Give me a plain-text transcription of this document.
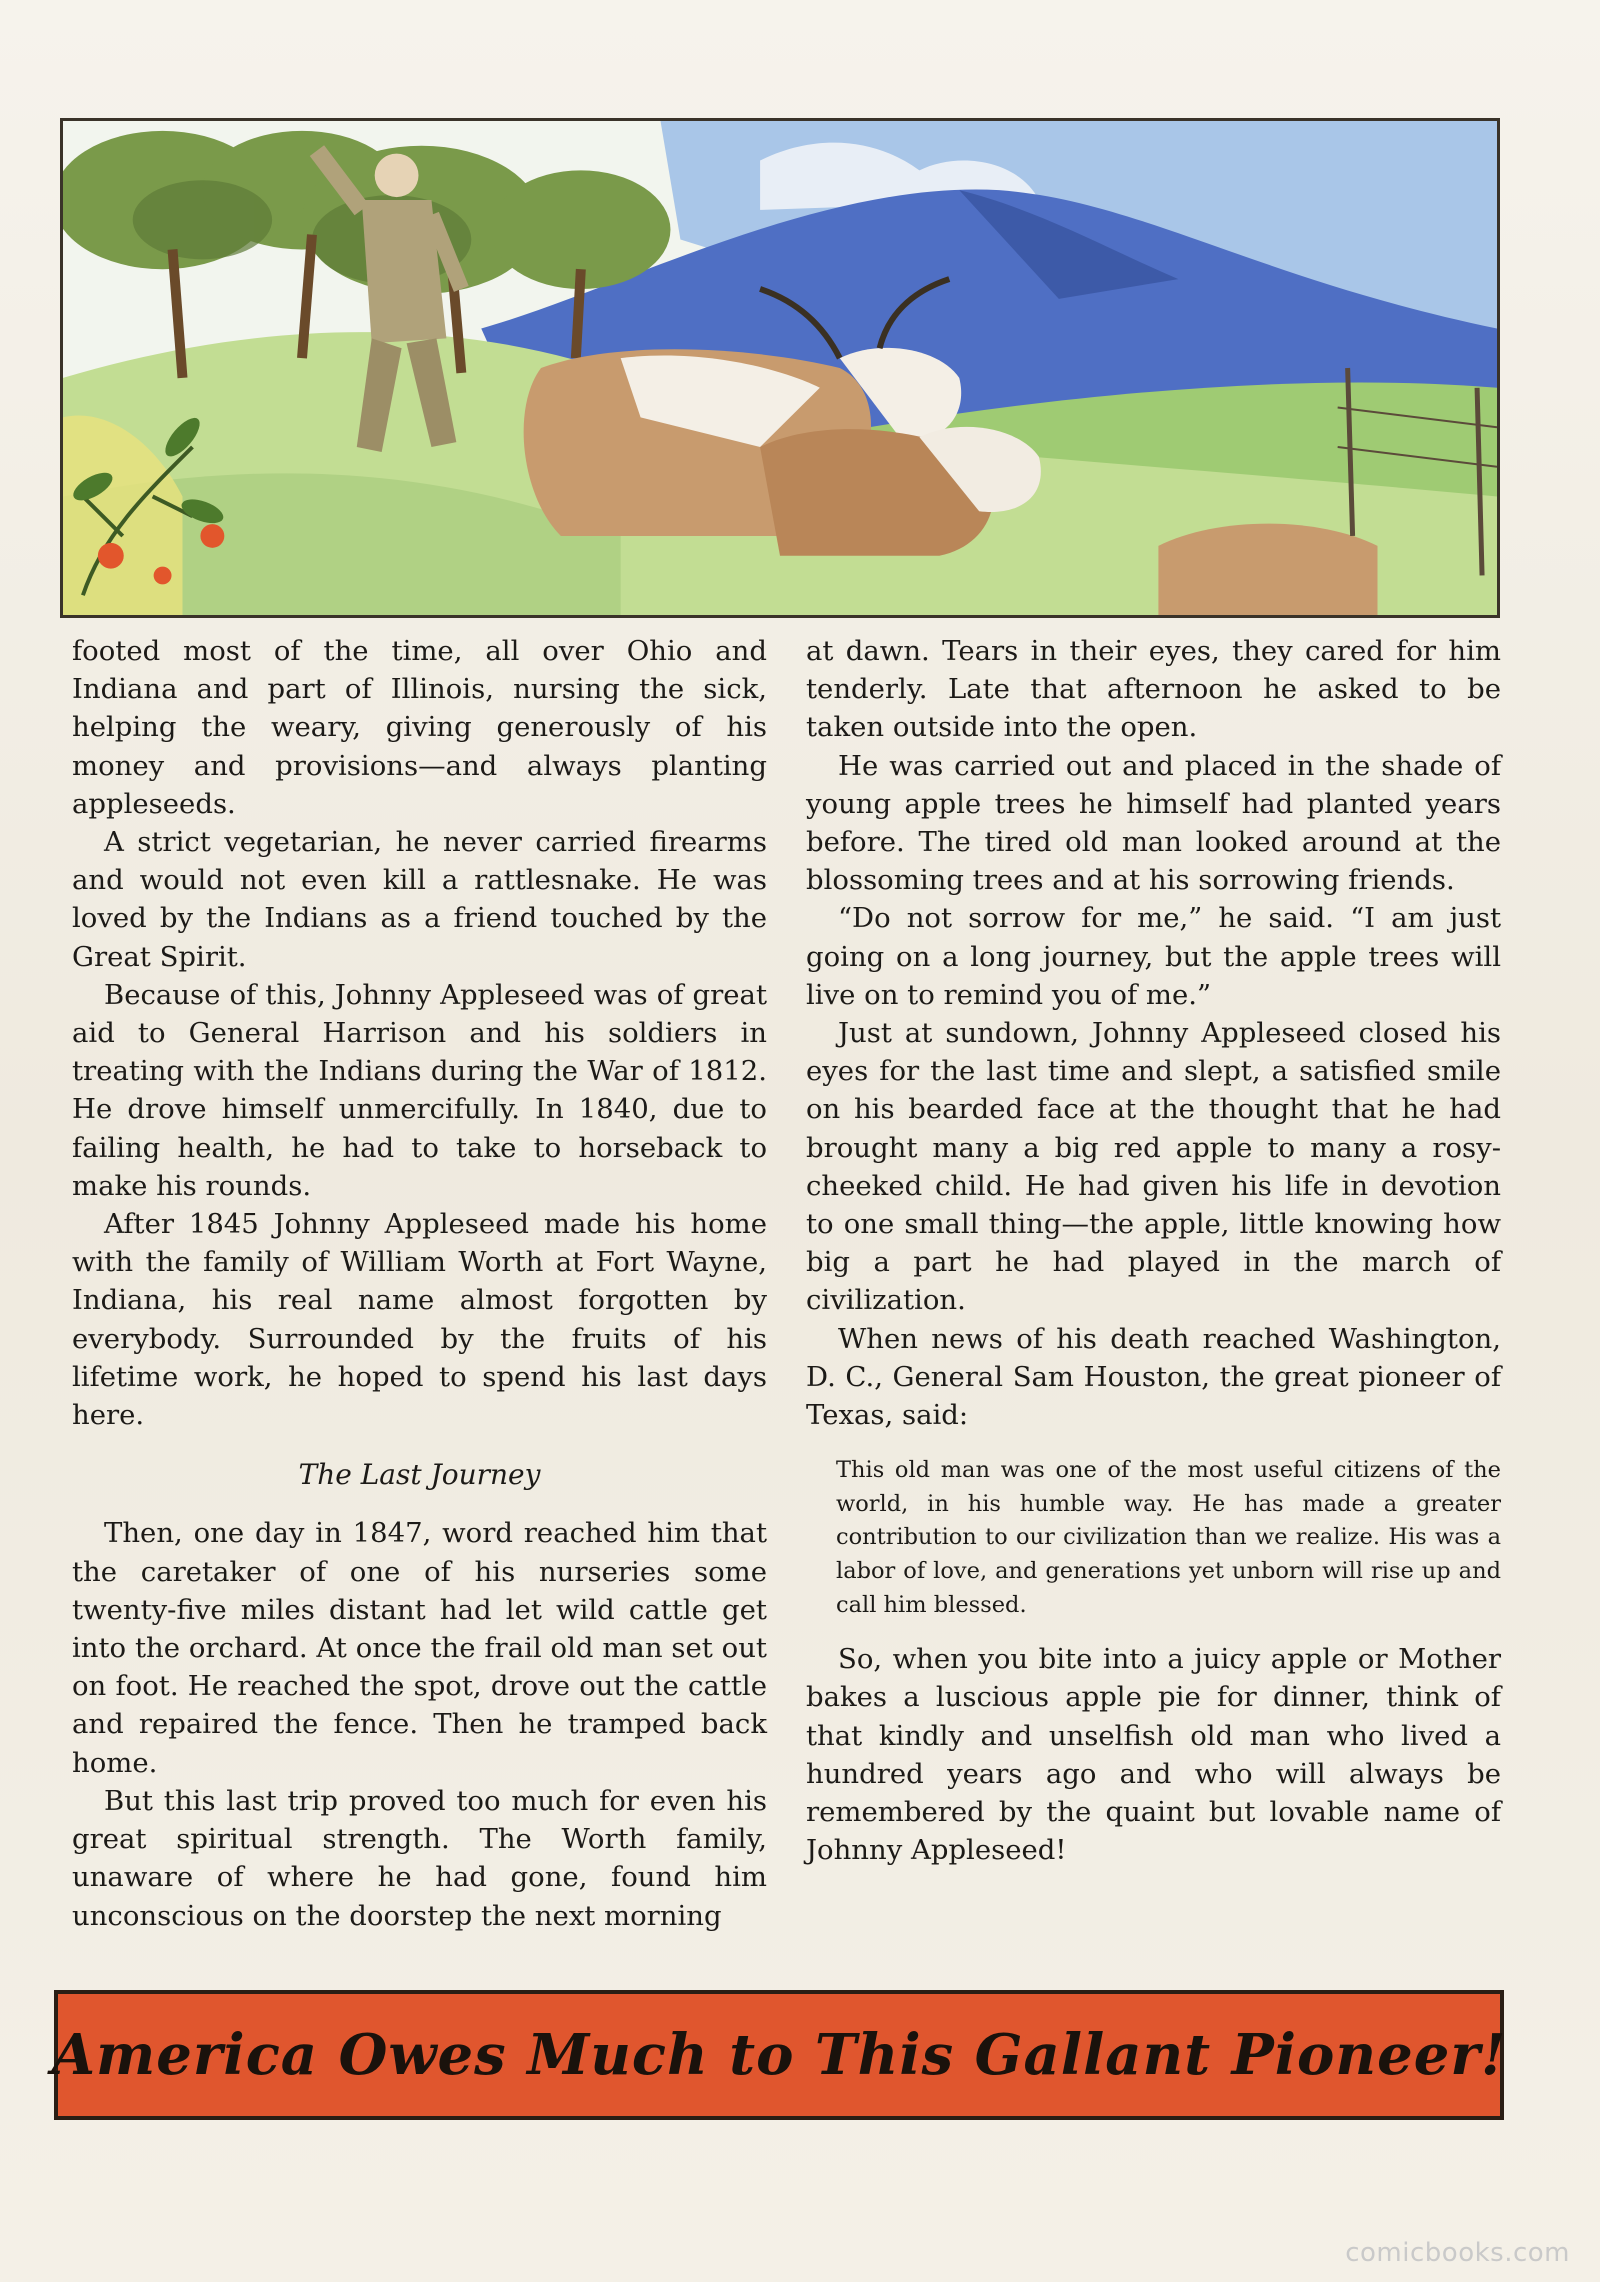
footed most of the time, all over Ohio and Indiana and part of Illinois, nursing the sick, helping the weary, giving generously of his money and provisions—and always planting appleseeds.

A strict vegetarian, he never carried firearms and would not even kill a rattlesnake. He was loved by the Indians as a friend touched by the Great Spirit.

Because of this, Johnny Appleseed was of great aid to General Harrison and his soldiers in treating with the Indians during the War of 1812. He drove himself unmercifully. In 1840, due to failing health, he had to take to horseback to make his rounds.

After 1845 Johnny Appleseed made his home with the family of William Worth at Fort Wayne, Indiana, his real name almost forgotten by everybody. Surrounded by the fruits of his lifetime work, he hoped to spend his last days here.

The Last Journey

Then, one day in 1847, word reached him that the caretaker of one of his nurseries some twenty-five miles distant had let wild cattle get into the orchard. At once the frail old man set out on foot. He reached the spot, drove out the cattle and repaired the fence. Then he tramped back home.

But this last trip proved too much for even his great spiritual strength. The Worth family, unaware of where he had gone, found him unconscious on the doorstep the next morning

at dawn. Tears in their eyes, they cared for him tenderly. Late that afternoon he asked to be taken outside into the open.

He was carried out and placed in the shade of young apple trees he himself had planted years before. The tired old man looked around at the blossoming trees and at his sorrowing friends.

“Do not sorrow for me,” he said. “I am just going on a long journey, but the apple trees will live on to remind you of me.”

Just at sundown, Johnny Appleseed closed his eyes for the last time and slept, a satisfied smile on his bearded face at the thought that he had brought many a big red apple to many a rosy-cheeked child. He had given his life in devotion to one small thing—the apple, little knowing how big a part he had played in the march of civilization.

When news of his death reached Washington, D. C., General Sam Houston, the great pioneer of Texas, said:

This old man was one of the most useful citizens of the world, in his humble way. He has made a greater contribution to our civilization than we realize. His was a labor of love, and generations yet unborn will rise up and call him blessed.

So, when you bite into a juicy apple or Mother bakes a luscious apple pie for dinner, think of that kindly and unselfish old man who lived a hundred years ago and who will always be remembered by the quaint but lovable name of Johnny Appleseed!

America Owes Much to This Gallant Pioneer!
comicbooks.com
